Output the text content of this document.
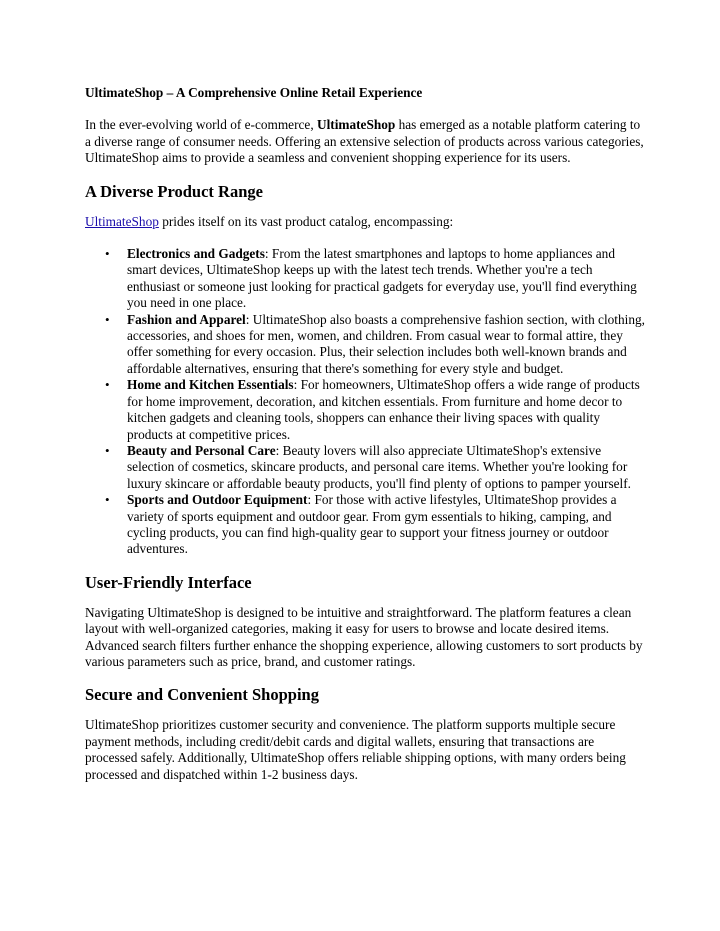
UltimateShop – A Comprehensive Online Retail Experience

In the ever-evolving world of e-commerce, UltimateShop has emerged as a notable platform catering to a diverse range of consumer needs. Offering an extensive selection of products across various categories, UltimateShop aims to provide a seamless and convenient shopping experience for its users.

A Diverse Product Range

UltimateShop prides itself on its vast product catalog, encompassing:

• Electronics and Gadgets: From the latest smartphones and laptops to home appliances and smart devices, UltimateShop keeps up with the latest tech trends. Whether you're a tech enthusiast or someone just looking for practical gadgets for everyday use, you'll find everything you need in one place.
• Fashion and Apparel: UltimateShop also boasts a comprehensive fashion section, with clothing, accessories, and shoes for men, women, and children. From casual wear to formal attire, they offer something for every occasion. Plus, their selection includes both well-known brands and affordable alternatives, ensuring that there's something for every style and budget.
• Home and Kitchen Essentials: For homeowners, UltimateShop offers a wide range of products for home improvement, decoration, and kitchen essentials. From furniture and home decor to kitchen gadgets and cleaning tools, shoppers can enhance their living spaces with quality products at competitive prices.
• Beauty and Personal Care: Beauty lovers will also appreciate UltimateShop's extensive selection of cosmetics, skincare products, and personal care items. Whether you're looking for luxury skincare or affordable beauty products, you'll find plenty of options to pamper yourself.
• Sports and Outdoor Equipment: For those with active lifestyles, UltimateShop provides a variety of sports equipment and outdoor gear. From gym essentials to hiking, camping, and cycling products, you can find high-quality gear to support your fitness journey or outdoor adventures.
User-Friendly Interface

Navigating UltimateShop is designed to be intuitive and straightforward. The platform features a clean layout with well-organized categories, making it easy for users to browse and locate desired items. Advanced search filters further enhance the shopping experience, allowing customers to sort products by various parameters such as price, brand, and customer ratings.

Secure and Convenient Shopping

UltimateShop prioritizes customer security and convenience. The platform supports multiple secure payment methods, including credit/debit cards and digital wallets, ensuring that transactions are processed safely. Additionally, UltimateShop offers reliable shipping options, with many orders being processed and dispatched within 1-2 business days.
